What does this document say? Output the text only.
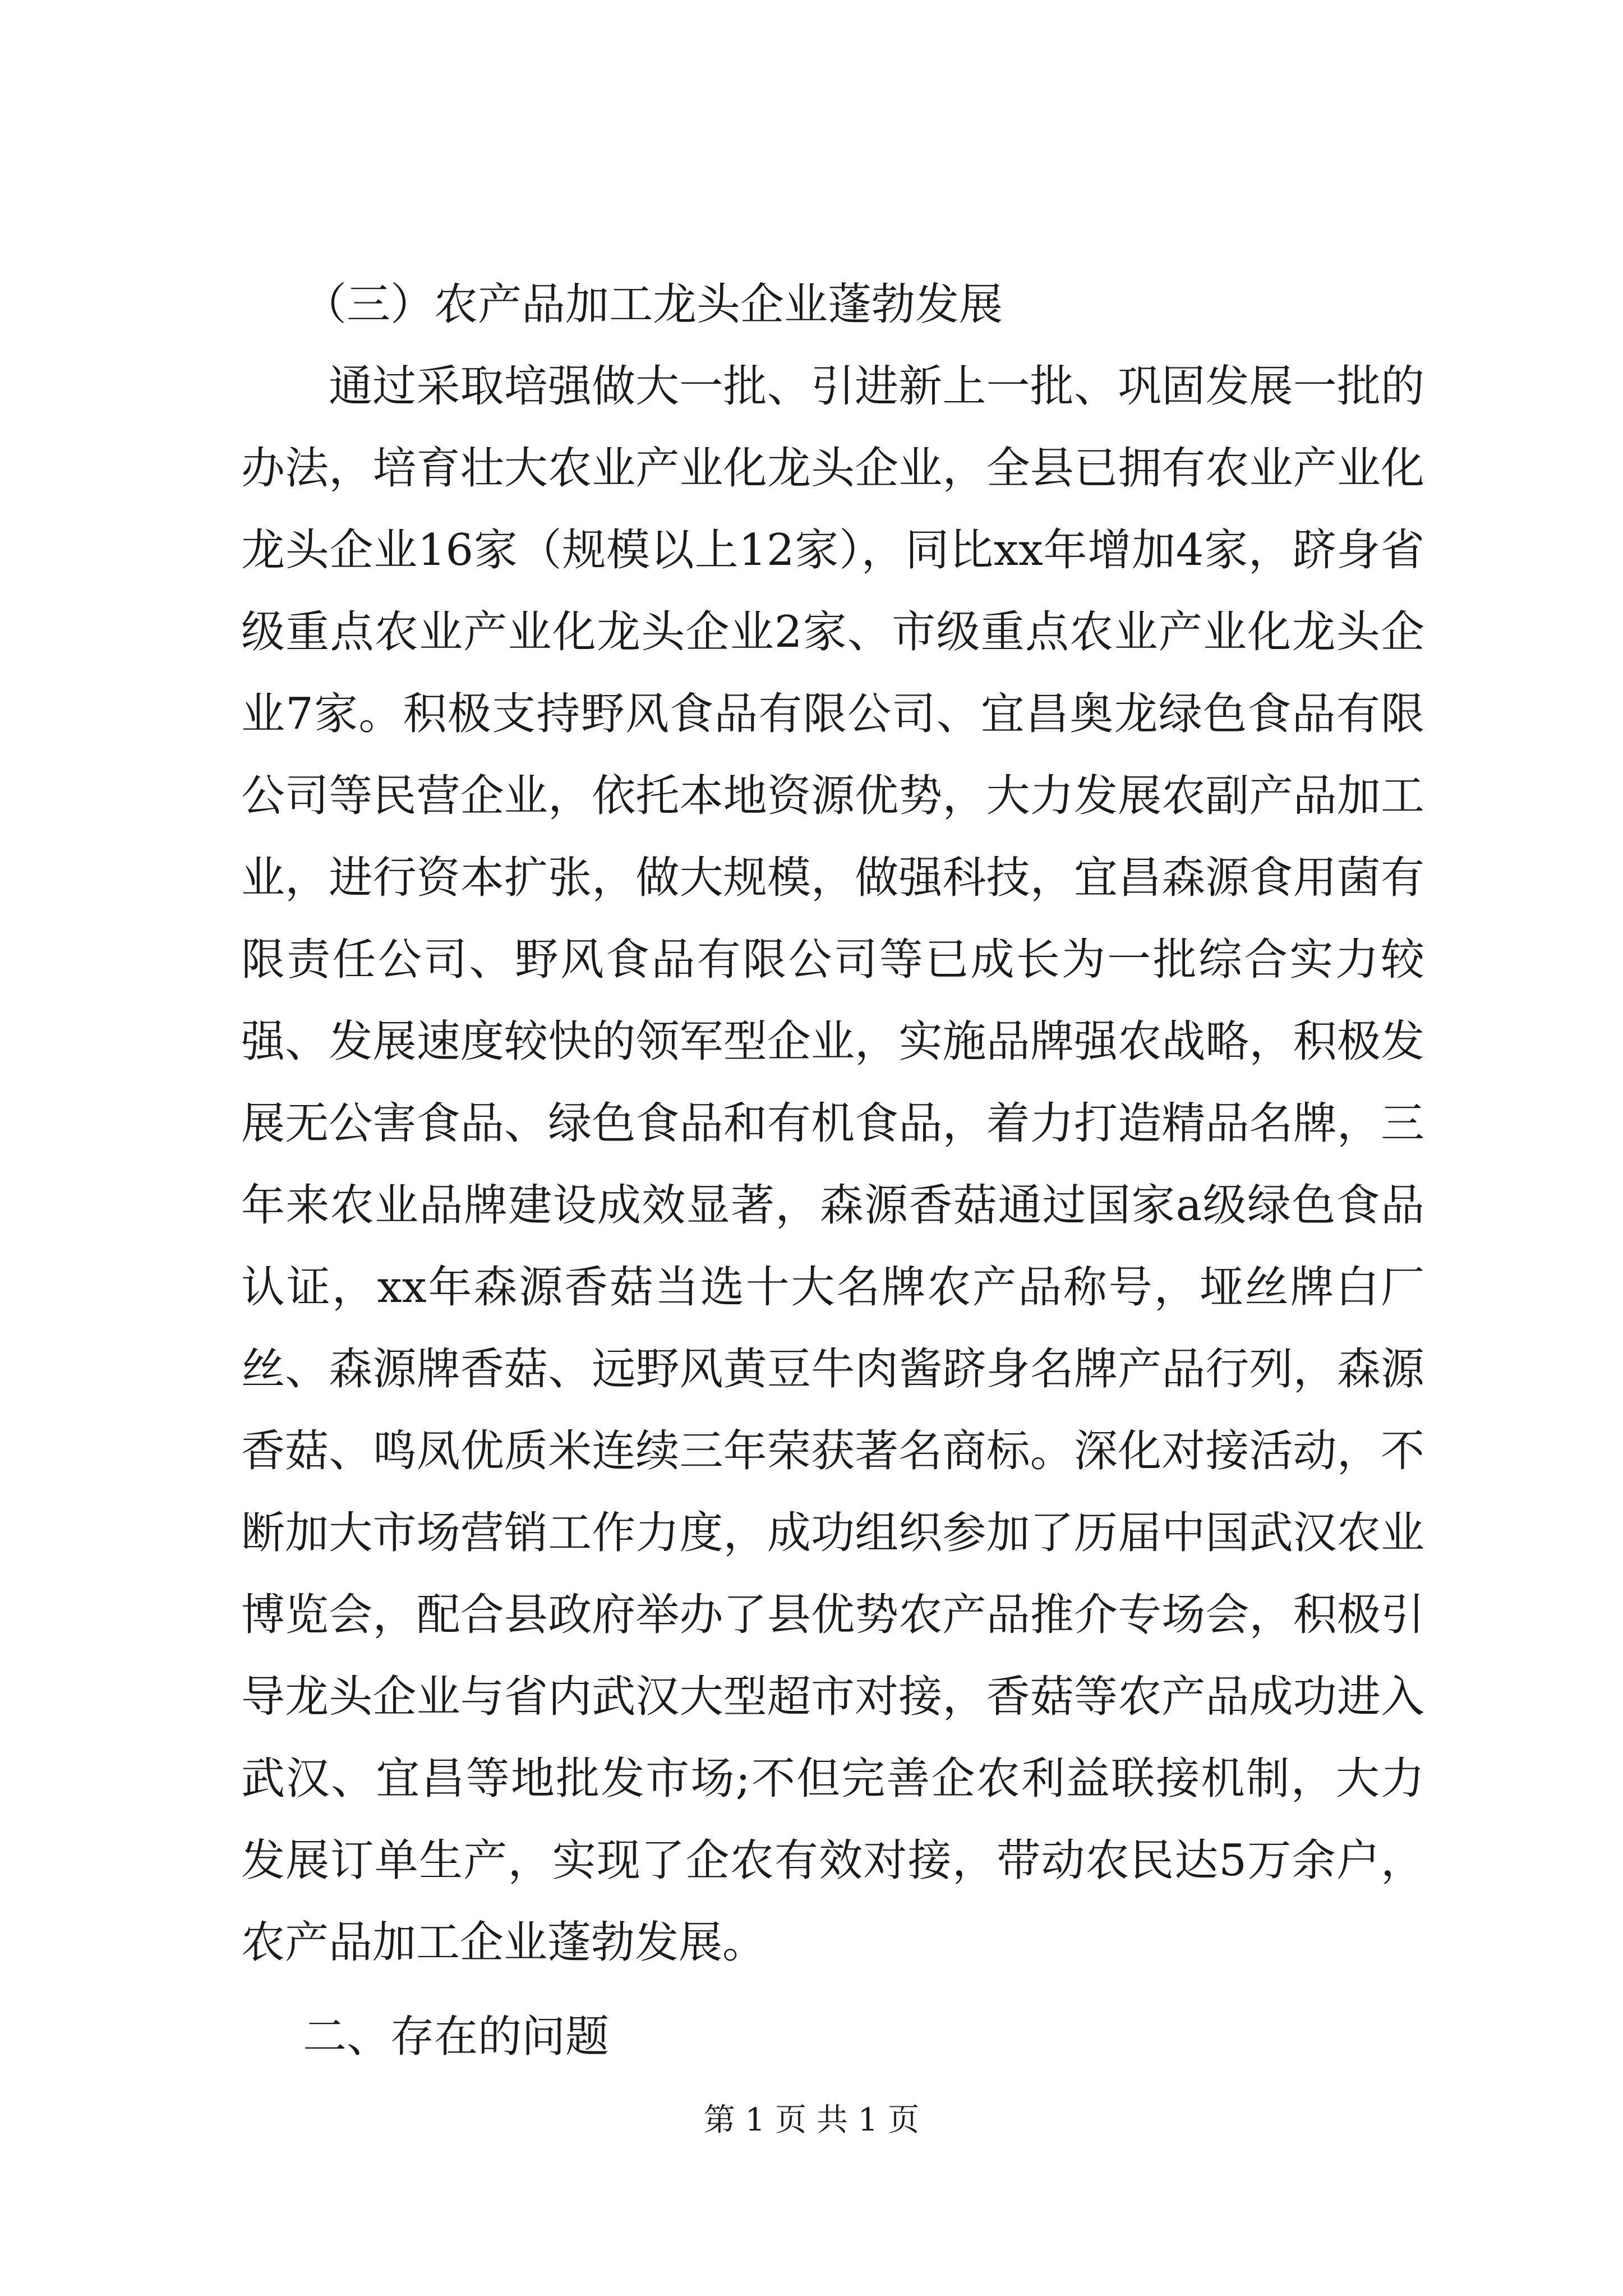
（三）农产品加工龙头企业蓬勃发展

通过采取培强做大一批、引进新上一批、巩固发展一批的办法，培育壮大农业产业化龙头企业，全县已拥有农业产业化龙头企业16家（规模以上12家），同比xx年增加4家，跻身省级重点农业产业化龙头企业2家、市级重点农业产业化龙头企业7家。积极支持野风食品有限公司、宜昌奥龙绿色食品有限公司等民营企业，依托本地资源优势，大力发展农副产品加工业，进行资本扩张，做大规模，做强科技，宜昌森源食用菌有限责任公司、野风食品有限公司等已成长为一批综合实力较强、发展速度较快的领军型企业，实施品牌强农战略，积极发展无公害食品、绿色食品和有机食品，着力打造精品名牌，三年来农业品牌建设成效显著，森源香菇通过国家a级绿色食品认证，xx年森源香菇当选十大名牌农产品称号，垭丝牌白厂丝、森源牌香菇、远野风黄豆牛肉酱跻身名牌产品行列，森源香菇、鸣凤优质米连续三年荣获著名商标。深化对接活动，不断加大市场营销工作力度，成功组织参加了历届中国武汉农业博览会，配合县政府举办了县优势农产品推介专场会，积极引导龙头企业与省内武汉大型超市对接，香菇等农产品成功进入武汉、宜昌等地批发市场;不但完善企农利益联接机制，大力发展订单生产，实现了企农有效对接，带动农民达5万余户，农产品加工企业蓬勃发展。

二、存在的问题
第 1 页 共 1 页
